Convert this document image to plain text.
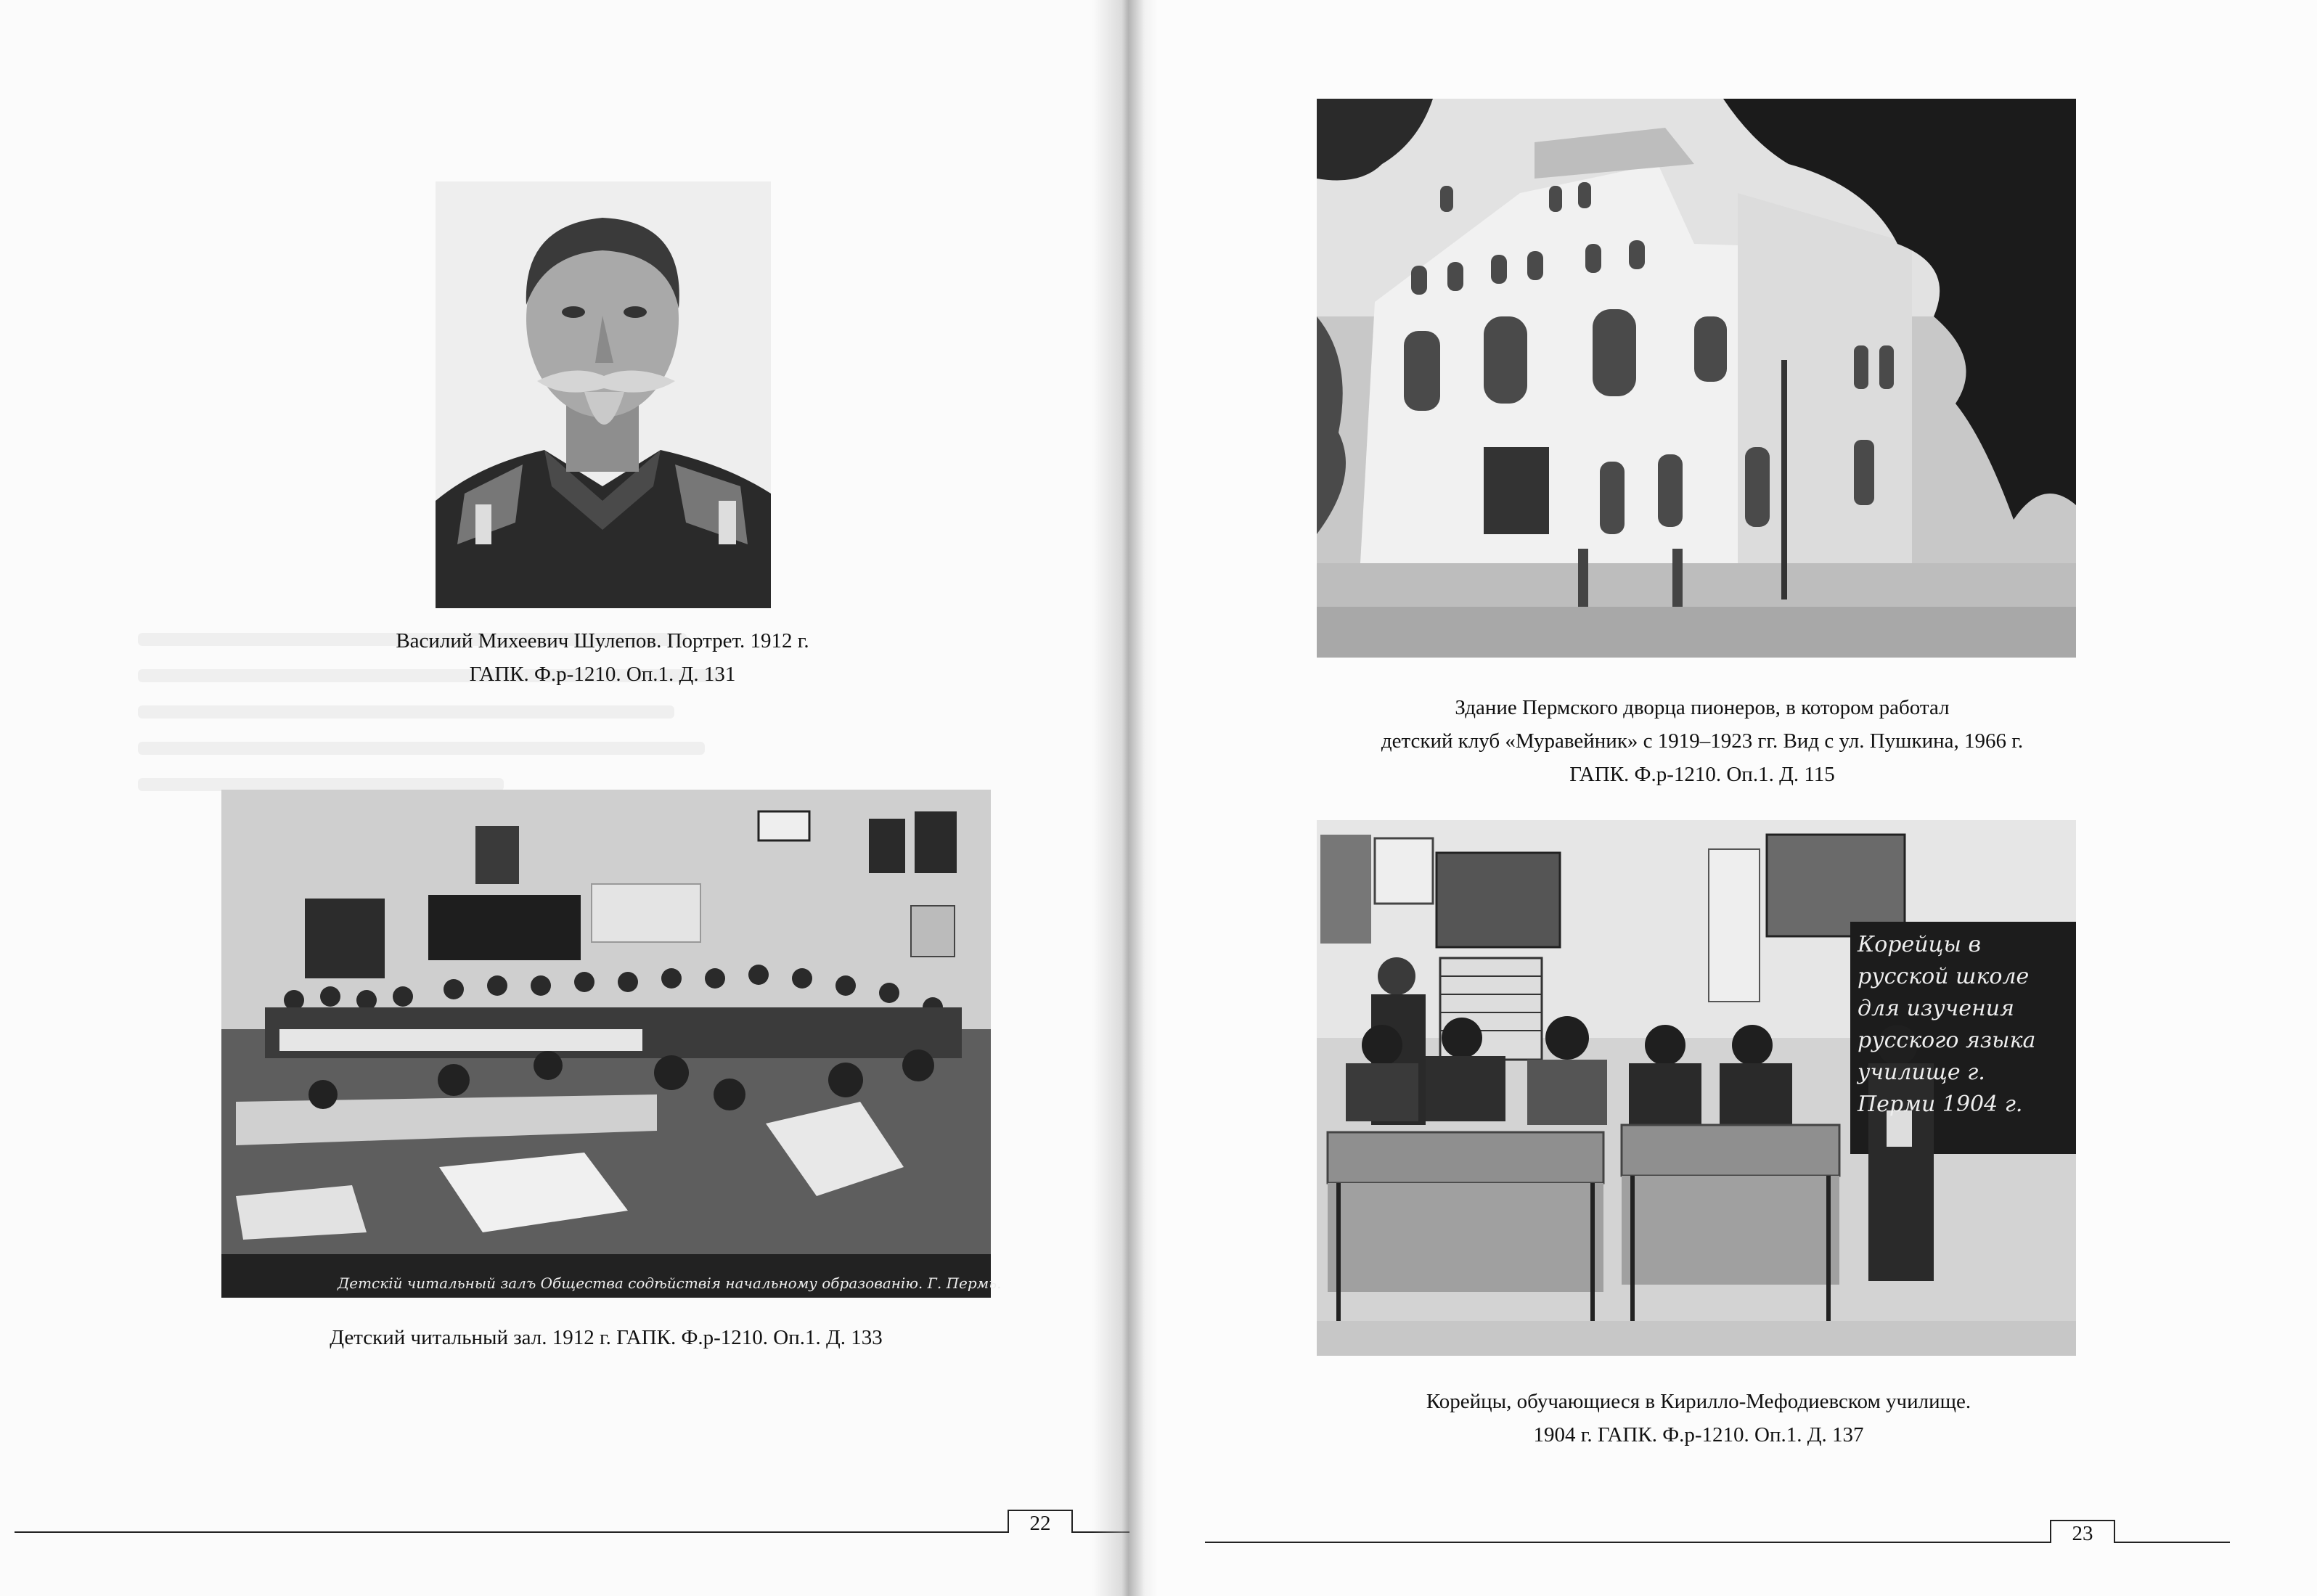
Василий Михеевич Шулепов. Портрет. 1912 г.
ГАПК. Ф.р-1210. Оп.1. Д. 131
Детскій читальный залъ Общества содѣйствія начальному образованію. Г. Пермь.
Детский читальный зал. 1912 г. ГАПК. Ф.р-1210. Оп.1. Д. 133
22
Здание Пермского дворца пионеров, в котором работал
детский клуб «Муравейник» с 1919–1923 гг. Вид с ул. Пушкина, 1966 г.
ГАПК. Ф.р-1210. Оп.1. Д. 115
Корейцы в русской школе для изучения русского языка училище г. Перми 1904 г.
Корейцы, обучающиеся в Кирилло-Мефодиевском училище.
1904 г. ГАПК. Ф.р-1210. Оп.1. Д. 137
23
